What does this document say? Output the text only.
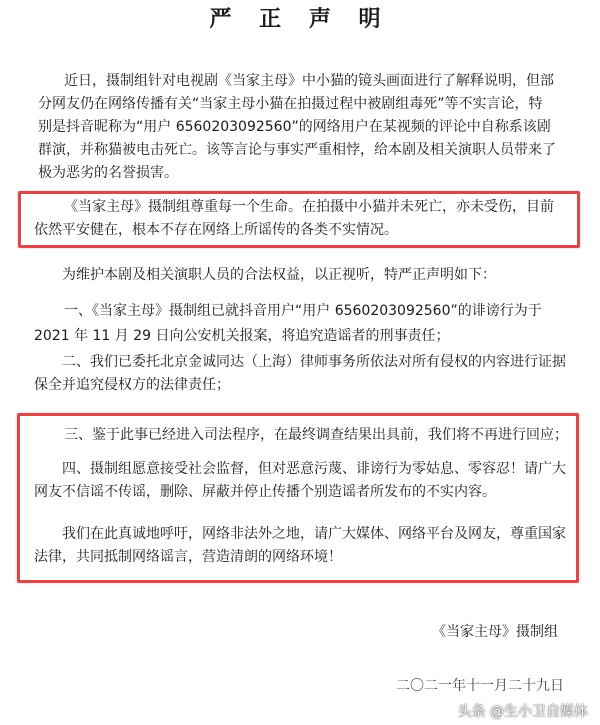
严 正 声 明
近日，摄制组针对电视剧《当家主母》中小猫的镜头画面进行了解释说明，但部
分网友仍在网络传播有关“当家主母小猫在拍摄过程中被剧组毒死”等不实言论，特
别是抖音昵称为“用户 6560203092560”的网络用户在某视频的评论中自称系该剧
群演，并称猫被电击死亡。该等言论与事实严重相悖，给本剧及相关演职人员带来了
极为恶劣的名誉损害。
《当家主母》摄制组尊重每一个生命。在拍摄中小猫并未死亡，亦未受伤，目前
依然平安健在，根本不存在网络上所谣传的各类不实情况。
为维护本剧及相关演职人员的合法权益，以正视听，特严正声明如下：
一、《当家主母》摄制组已就抖音用户“用户 6560203092560”的诽谤行为于
2021 年 11 月 29 日向公安机关报案，将追究造谣者的刑事责任；
二、我们已委托北京金诚同达（上海）律师事务所依法对所有侵权的内容进行证据
保全并追究侵权方的法律责任；
三、鉴于此事已经进入司法程序，在最终调查结果出具前，我们将不再进行回应；
四、摄制组愿意接受社会监督，但对恶意污蔑、诽谤行为零姑息、零容忍！请广大
网友不信谣不传谣，删除、屏蔽并停止传播个别造谣者所发布的不实内容。
我们在此真诚地呼吁，网络非法外之地，请广大媒体、网络平台及网友，尊重国家
法律，共同抵制网络谣言，营造清朗的网络环境！
《当家主母》摄制组
二〇二一年十一月二十九日
头条 @生小卫自媒体
